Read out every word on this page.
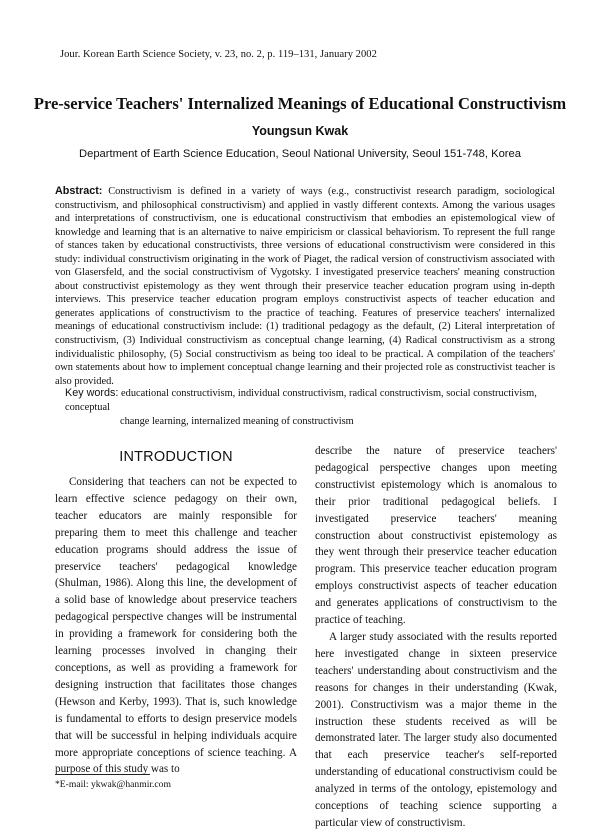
Jour. Korean Earth Science Society, v. 23, no. 2, p. 119–131, January 2002
Pre-service Teachers' Internalized Meanings of Educational Constructivism
Youngsun Kwak
Department of Earth Science Education, Seoul National University, Seoul 151-748, Korea
Abstract: Constructivism is defined in a variety of ways (e.g., constructivist research paradigm, sociological constructivism, and philosophical constructivism) and applied in vastly different contexts. Among the various usages and interpretations of constructivism, one is educational constructivism that embodies an epistemological view of knowledge and learning that is an alternative to naive empiricism or classical behaviorism. To represent the full range of stances taken by educational constructivists, three versions of educational constructivism were considered in this study: individual constructivism originating in the work of Piaget, the radical version of constructivism associated with von Glasersfeld, and the social constructivism of Vygotsky. I investigated preservice teachers' meaning construction about constructivist epistemology as they went through their preservice teacher education program using in-depth interviews. This preservice teacher education program employs constructivist aspects of teacher education and generates applications of constructivism to the practice of teaching. Features of preservice teachers' internalized meanings of educational constructivism include: (1) traditional pedagogy as the default, (2) Literal interpretation of constructivism, (3) Individual constructivism as conceptual change learning, (4) Radical constructivism as a strong individualistic philosophy, (5) Social constructivism as being too ideal to be practical. A compilation of the teachers' own statements about how to implement conceptual change learning and their projected role as constructivist teacher is also provided.
Key words: educational constructivism, individual constructivism, radical constructivism, social constructivism, conceptual
change learning, internalized meaning of constructivism
INTRODUCTION

Considering that teachers can not be expected to learn effective science pedagogy on their own, teacher educators are mainly responsible for preparing them to meet this challenge and teacher education programs should address the issue of preservice teachers' pedagogical knowledge (Shulman, 1986). Along this line, the development of a solid base of knowledge about preservice teachers pedagogical perspective changes will be instrumental in providing a framework for considering both the learning processes involved in changing their conceptions, as well as providing a framework for designing instruction that facilitates those changes (Hewson and Kerby, 1993). That is, such knowledge is fundamental to efforts to design preservice models that will be successful in helping individuals acquire more appropriate conceptions of science teaching. A purpose of this study was to

describe the nature of preservice teachers' pedagogical perspective changes upon meeting constructivist epistemology which is anomalous to their prior traditional pedagogical beliefs. I investigated preservice teachers' meaning construction about constructivist epistemology as they went through their preservice teacher education program. This preservice teacher education program employs constructivist aspects of teacher education and generates applications of constructivism to the practice of teaching.

A larger study associated with the results reported here investigated change in sixteen preservice teachers' understanding about constructivism and the reasons for changes in their understanding (Kwak, 2001). Constructivism was a major theme in the instruction these students received as will be demonstrated later. The larger study also documented that each preservice teacher's self-reported understanding of educational constructivism could be analyzed in terms of the ontology, epistemology and conceptions of teaching science supporting a particular view of constructivism.

*E-mail: ykwak@hanmir.com
